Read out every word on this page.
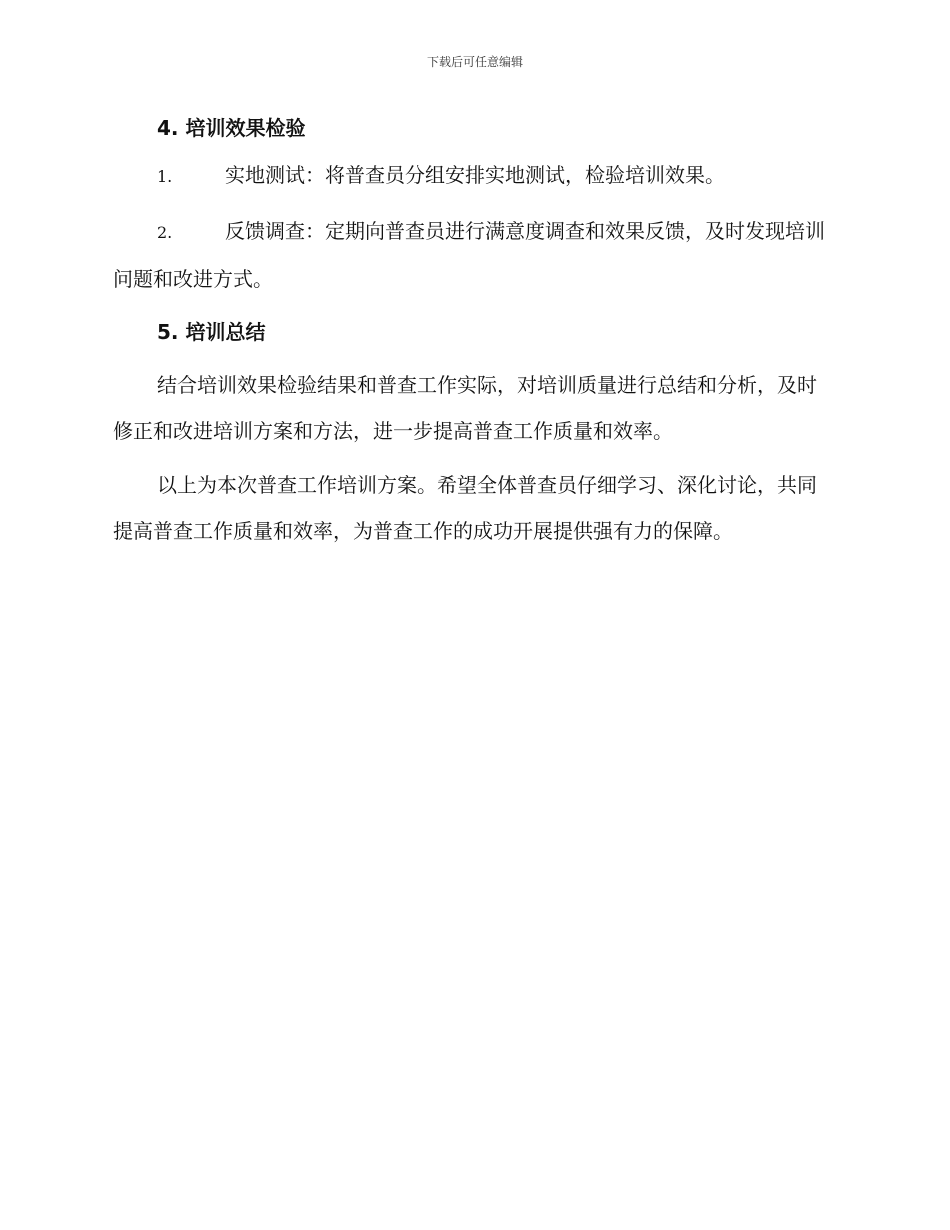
下载后可任意编辑
4. 培训效果检验

1.	实地测试：将普查员分组安排实地测试，检验培训效果。

2.	反馈调查：定期向普查员进行满意度调查和效果反馈，及时发现培训问题和改进方式。

5. 培训总结

结合培训效果检验结果和普查工作实际，对培训质量进行总结和分析，及时修正和改进培训方案和方法，进一步提高普查工作质量和效率。

以上为本次普查工作培训方案。希望全体普查员仔细学习、深化讨论，共同提高普查工作质量和效率，为普查工作的成功开展提供强有力的保障。
